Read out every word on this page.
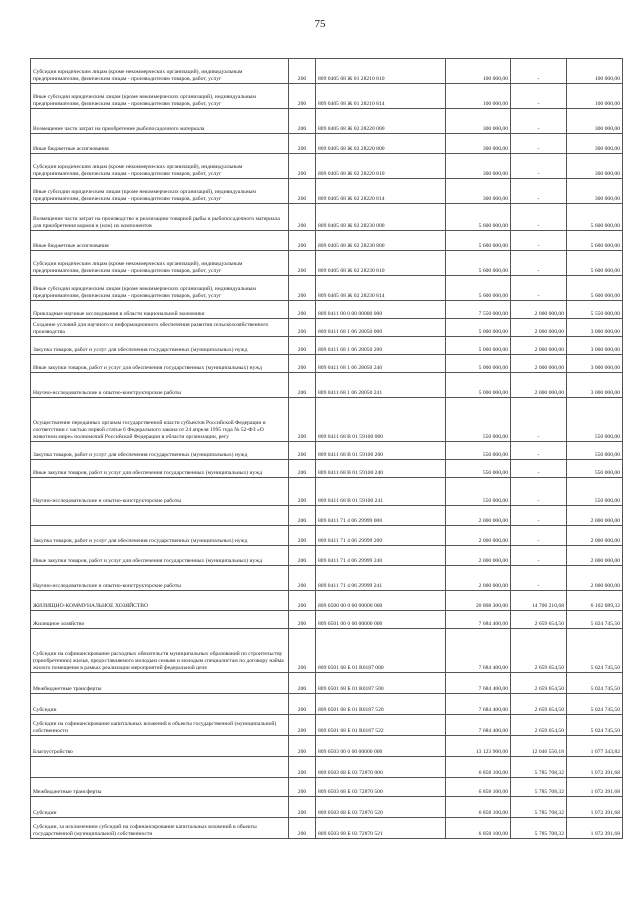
75
Субсидии юридическим лицам (кроме некоммерческих организаций), индивидуальным предпринимателям, физическим лицам - производителям товаров, работ, услуг	200	809 0405 68 Ж 01 28210 810	100 000,00	-	100 000,00
Иные субсидии юридическим лицам (кроме некоммерческих организаций), индивидуальным предпринимателям, физическим лицам - производителям товаров, работ, услуг	200	809 0405 68 Ж 01 28210 814	100 000,00	-	100 000,00
Возмещение части затрат на приобретение рыбопосадочного материала	200	809 0405 68 Ж 02 28220 000	300 000,00	-	300 000,00
Иные бюджетные ассигнования	200	809 0405 68 Ж 02 28220 800	300 000,00	-	300 000,00
Субсидии юридическим лицам (кроме некоммерческих организаций), индивидуальным предпринимателям, физическим лицам - производителям товаров, работ, услуг	200	809 0405 68 Ж 02 28220 810	300 000,00	-	300 000,00
Иные субсидии юридическим лицам (кроме некоммерческих организаций), индивидуальным предпринимателям, физическим лицам - производителям товаров, работ, услуг	200	809 0405 68 Ж 02 28220 814	300 000,00	-	300 000,00
Возмещение части затрат на производство и реализацию товарной рыбы и рыбопосадочного материала для приобретения кормов и (или) их компонентов	200	809 0405 68 Ж 02 28230 000	5 600 000,00	-	5 600 000,00
Иные бюджетные ассигнования	200	809 0405 68 Ж 02 28230 800	5 600 000,00	-	5 600 000,00
Субсидии юридическим лицам (кроме некоммерческих организаций), индивидуальным предпринимателям, физическим лицам - производителям товаров, работ, услуг	200	809 0405 68 Ж 02 28230 810	5 600 000,00	-	5 600 000,00
Иные субсидии юридическим лицам (кроме некоммерческих организаций), индивидуальным предпринимателям, физическим лицам - производителям товаров, работ, услуг	200	809 0405 68 Ж 02 28230 814	5 600 000,00	-	5 600 000,00
Прикладные научные исследования в области национальной экономики	200	809 0411 00 0 00 00000 000	7 550 000,00	2 000 000,00	5 550 000,00
Создание условий для научного и информационного обеспечения развития сельскохозяйственного производства	200	809 0411 68 1 06 28050 000	5 000 000,00	2 000 000,00	3 000 000,00
Закупка товаров, работ и услуг для обеспечения государственных (муниципальных) нужд	200	809 0411 68 1 06 28050 200	5 000 000,00	2 000 000,00	3 000 000,00
Иные закупки товаров, работ и услуг для обеспечения государственных (муниципальных) нужд	200	809 0411 68 1 06 28050 240	5 000 000,00	2 000 000,00	3 000 000,00
Научно-исследовательские и опытно-конструкторские работы	200	809 0411 68 1 06 28050 241	5 000 000,00	2 000 000,00	3 000 000,00
Осуществление переданных органам государственной власти субъектов Российской Федерации в соответствии с частью первой статьи 6 Федерального закона от 24 апреля 1995 года № 52-ФЗ «О животном мире» полномочий Российской Федерации в области организации, регу	200	809 0411 68 В 01 59100 000	550 000,00	-	550 000,00
Закупка товаров, работ и услуг для обеспечения государственных (муниципальных) нужд	200	809 0411 68 В 01 59100 200	550 000,00	-	550 000,00
Иные закупки товаров, работ и услуг для обеспечения государственных (муниципальных) нужд	200	809 0411 68 В 01 59100 240	550 000,00	-	550 000,00
Научно-исследовательские и опытно-конструкторские работы	200	809 0411 68 В 01 59100 241	550 000,00	-	550 000,00
	200	809 0411 71 4 06 29999 000	2 000 000,00	-	2 000 000,00
Закупка товаров, работ и услуг для обеспечения государственных (муниципальных) нужд	200	809 0411 71 4 06 29999 200	2 000 000,00	-	2 000 000,00
Иные закупки товаров, работ и услуг для обеспечения государственных (муниципальных) нужд	200	809 0411 71 4 06 29999 240	2 000 000,00	-	2 000 000,00
Научно-исследовательские и опытно-конструкторские работы	200	809 0411 71 4 06 29999 241	2 000 000,00	-	2 000 000,00
ЖИЛИЩНО-КОММУНАЛЬНОЕ ХОЗЯЙСТВО	200	809 0500 00 0 00 00000 000	20 808 300,00	14 706 210,68	6 102 089,32
Жилищное хозяйство	200	809 0501 00 0 00 00000 000	7 684 400,00	2 659 654,50	5 024 745,50
Субсидии на софинансирование расходных обязательств муниципальных образований по строительству (приобретению) жилья, предоставляемого молодым семьям и молодым специалистам по договору найма жилого помещения в рамках реализации мероприятий федеральной целе	200	809 0501 68 Б 01 R0187 000	7 684 400,00	2 659 654,50	5 024 745,50
Межбюджетные трансферты	200	809 0501 68 Б 01 R0187 500	7 684 400,00	2 659 654,50	5 024 745,50
Субсидии	200	809 0501 68 Б 01 R0187 520	7 684 400,00	2 659 654,50	5 024 745,50
Субсидии на софинансирование капитальных вложений в объекты государственной (муниципальной) собственности	200	809 0501 68 Б 01 R0187 522	7 684 400,00	2 659 654,50	5 024 745,50
Благоустройство	200	809 0503 00 0 00 00000 000	13 123 900,00	12 046 556,18	1 077 343,82
	200	809 0503 68 Б 03 72870 000	6 858 100,00	5 785 708,32	1 072 391,68
Межбюджетные трансферты	200	809 0503 68 Б 03 72870 500	6 858 100,00	5 785 708,32	1 072 391,68
Субсидии	200	809 0503 68 Б 03 72870 520	6 858 100,00	5 785 708,32	1 072 391,68
Субсидии, за исключением субсидий на софинансирование капитальных вложений в объекты государственной (муниципальной) собственности	200	809 0503 68 Б 03 72870 521	6 858 100,00	5 785 708,32	1 072 391,68
